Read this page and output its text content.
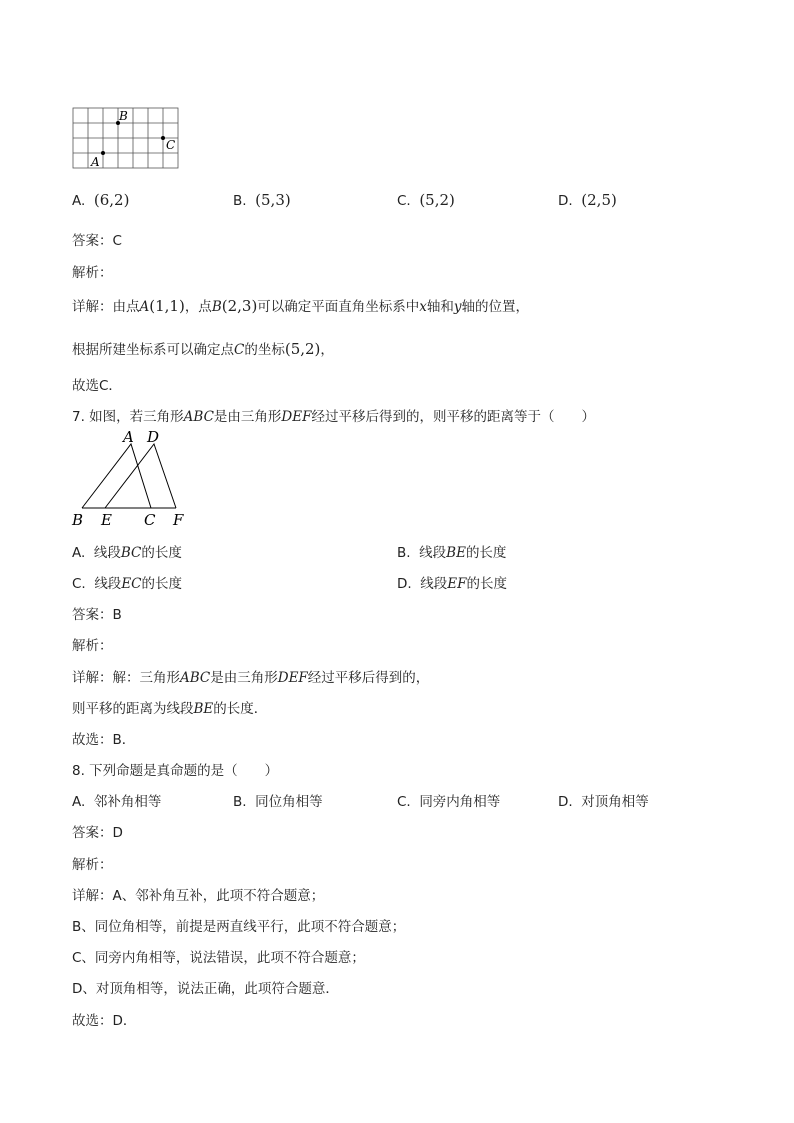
A
B
C
A. (6,2)	B. (5,3)	C. (5,2)	D. (2,5)
答案：C
解析：
详解：由点A(1,1)，点B(2,3)可以确定平面直角坐标系中x轴和y轴的位置，
根据所建坐标系可以确定点C的坐标(5,2)，
故选C．
7. 如图，若三角形ABC是由三角形DEF经过平移后得到的，则平移的距离等于（　　）
A D
B E C F
A. 线段BC的长度	B. 线段BE的长度
C. 线段EC的长度	D. 线段EF的长度
答案：B
解析：
详解：解：三角形ABC是由三角形DEF经过平移后得到的，
则平移的距离为线段BE的长度．
故选：B．
8. 下列命题是真命题的是（　　）
A. 邻补角相等	B. 同位角相等	C. 同旁内角相等	D. 对顶角相等
答案：D
解析：
详解：A、邻补角互补，此项不符合题意；
B、同位角相等，前提是两直线平行，此项不符合题意；
C、同旁内角相等，说法错误，此项不符合题意；
D、对顶角相等，说法正确，此项符合题意．
故选：D．
